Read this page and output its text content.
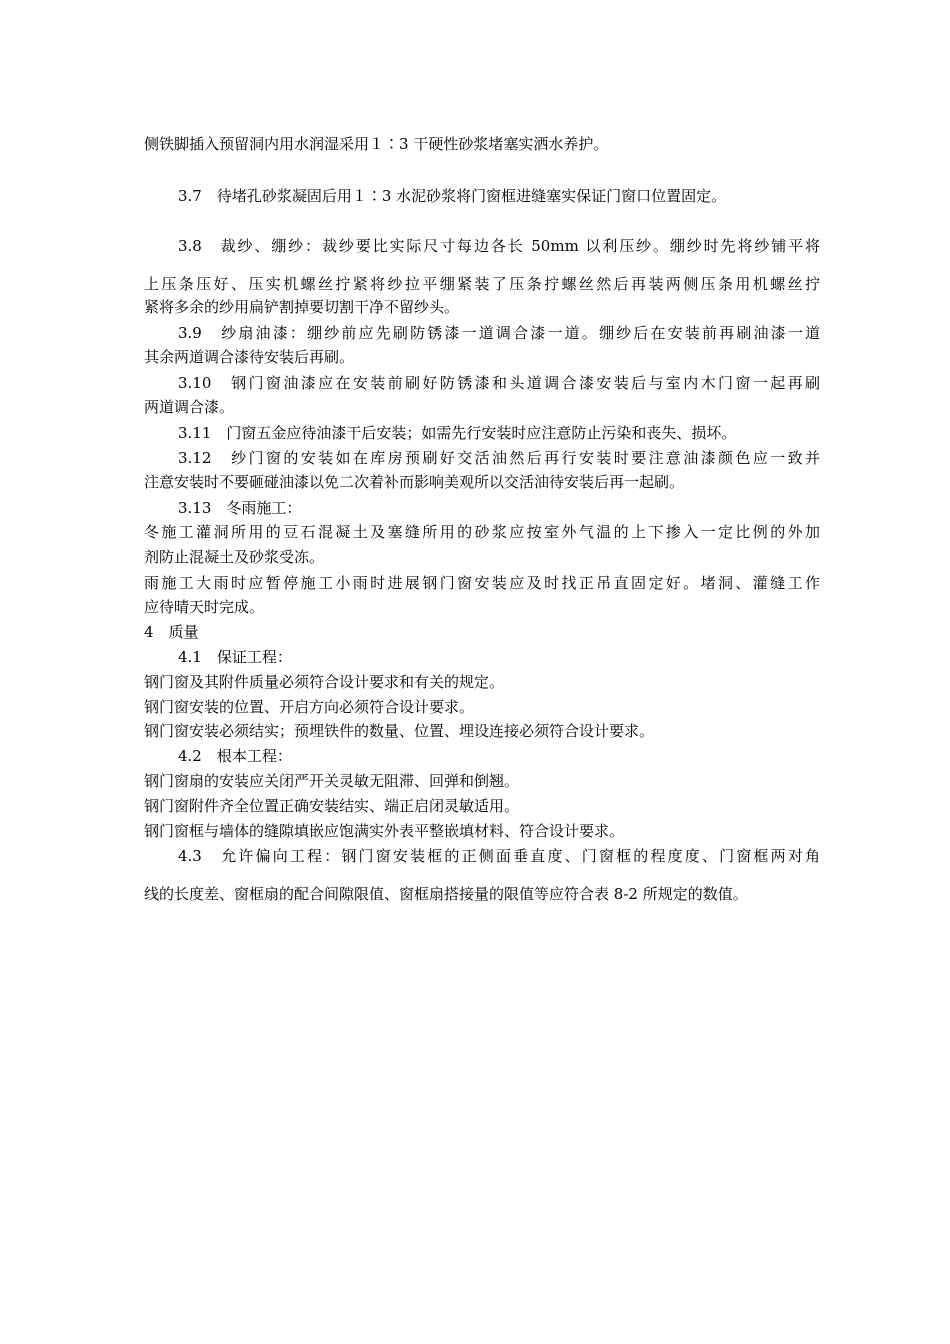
侧铁脚插入预留洞内用水润湿采用１∶3 干硬性砂浆堵塞实洒水养护。
3.7　待堵孔砂浆凝固后用１∶3 水泥砂浆将门窗框进缝塞实保证门窗口位置固定。
3.8　裁纱、绷纱：裁纱要比实际尺寸每边各长 50mm 以利压纱。绷纱时先将纱铺平将
上压条压好、压实机螺丝拧紧将纱拉平绷紧装了压条拧螺丝然后再装两侧压条用机螺丝拧
紧将多余的纱用扁铲割掉要切割干净不留纱头。
3.9　纱扇油漆：绷纱前应先刷防锈漆一道调合漆一道。绷纱后在安装前再刷油漆一道
其余两道调合漆待安装后再刷。
3.10　钢门窗油漆应在安装前刷好防锈漆和头道调合漆安装后与室内木门窗一起再刷
两道调合漆。
3.11　门窗五金应待油漆干后安装；如需先行安装时应注意防止污染和丧失、损坏。
3.12　纱门窗的安装如在库房预刷好交活油然后再行安装时要注意油漆颜色应一致并
注意安装时不要砸碰油漆以免二次着补而影响美观所以交活油待安装后再一起刷。
3.13　冬雨施工：
冬施工灌洞所用的豆石混凝土及塞缝所用的砂浆应按室外气温的上下掺入一定比例的外加
剂防止混凝土及砂浆受冻。
雨施工大雨时应暂停施工小雨时进展钢门窗安装应及时找正吊直固定好。堵洞、灌缝工作
应待晴天时完成。
4　质量
4.1　保证工程：
钢门窗及其附件质量必须符合设计要求和有关的规定。
钢门窗安装的位置、开启方向必须符合设计要求。
钢门窗安装必须结实；预埋铁件的数量、位置、埋设连接必须符合设计要求。
4.2　根本工程：
钢门窗扇的安装应关闭严开关灵敏无阻滞、回弹和倒翘。
钢门窗附件齐全位置正确安装结实、端正启闭灵敏适用。
钢门窗框与墙体的缝隙填嵌应饱满实外表平整嵌填材料、符合设计要求。
4.3　允许偏向工程：钢门窗安装框的正侧面垂直度、门窗框的程度度、门窗框两对角
线的长度差、窗框扇的配合间隙限值、窗框扇搭接量的限值等应符合表 8-2 所规定的数值。
